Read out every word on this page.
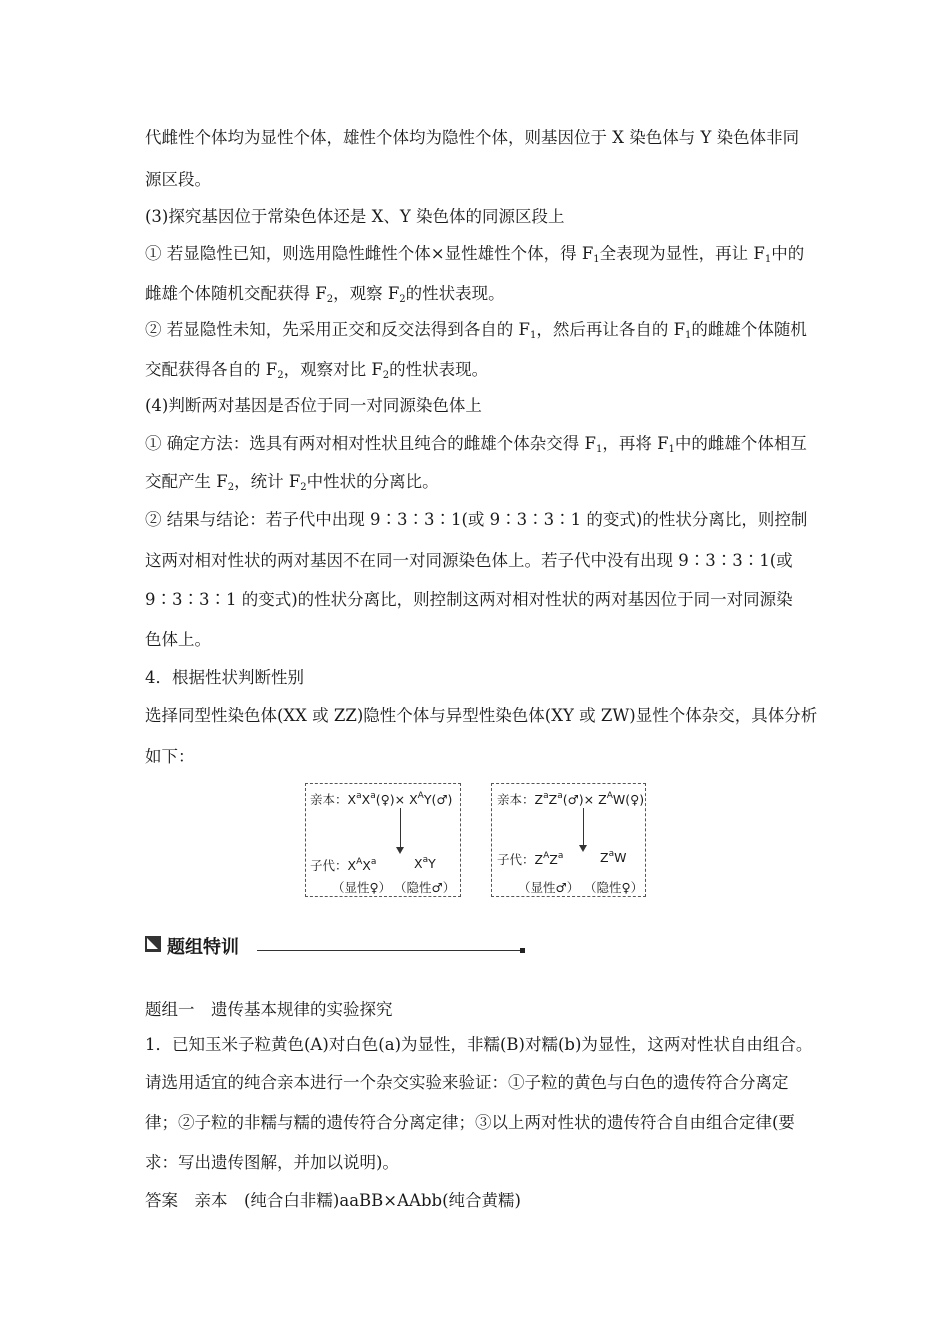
代雌性个体均为显性个体，雄性个体均为隐性个体，则基因位于 X 染色体与 Y 染色体非同
源区段。
(3)探究基因位于常染色体还是 X、Y 染色体的同源区段上
① 若显隐性已知，则选用隐性雌性个体×显性雄性个体，得 $F_1$全表现为显性，再让 $F_1$中的
雌雄个体随机交配获得 $F_2$，观察 $F_2$的性状表现。
② 若显隐性未知，先采用正交和反交法得到各自的 $F_1$，然后再让各自的 $F_1$的雌雄个体随机
交配获得各自的 $F_2$，观察对比 $F_2$的性状表现。
(4)判断两对基因是否位于同一对同源染色体上
① 确定方法：选具有两对相对性状且纯合的雌雄个体杂交得 $F_1$，再将 $F_1$中的雌雄个体相互
交配产生 $F_2$，统计 $F_2$中性状的分离比。
② 结果与结论：若子代中出现 9∶3∶3∶1(或 9∶3∶3∶1 的变式)的性状分离比，则控制
这两对相对性状的两对基因不在同一对同源染色体上。若子代中没有出现 9∶3∶3∶1(或
9∶3∶3∶1 的变式)的性状分离比，则控制这两对相对性状的两对基因位于同一对同源染
色体上。
4．根据性状判断性别
选择同型性染色体(XX 或 ZZ)隐性个体与异型性染色体(XY 或 ZW)显性个体杂交，具体分析
如下：
亲本：$X^aX^a(♀)\times$ $X^AY(♂)$
子代：$X^AX^a$	$X^aY$
（显性♀） （隐性♂）
亲本：$Z^aZ^a(♂)\times$ $Z^AW(♀)$
子代：$Z^AZ^a$	$Z^aW$
（显性♂） （隐性♀）
题组特训
题组一　遗传基本规律的实验探究
1．已知玉米子粒黄色(A)对白色(a)为显性，非糯(B)对糯(b)为显性，这两对性状自由组合。
请选用适宜的纯合亲本进行一个杂交实验来验证：①子粒的黄色与白色的遗传符合分离定
律；②子粒的非糯与糯的遗传符合分离定律；③以上两对性状的遗传符合自由组合定律(要
求：写出遗传图解，并加以说明)。
答案　亲本　(纯合白非糯)aaBB×AAbb(纯合黄糯)
